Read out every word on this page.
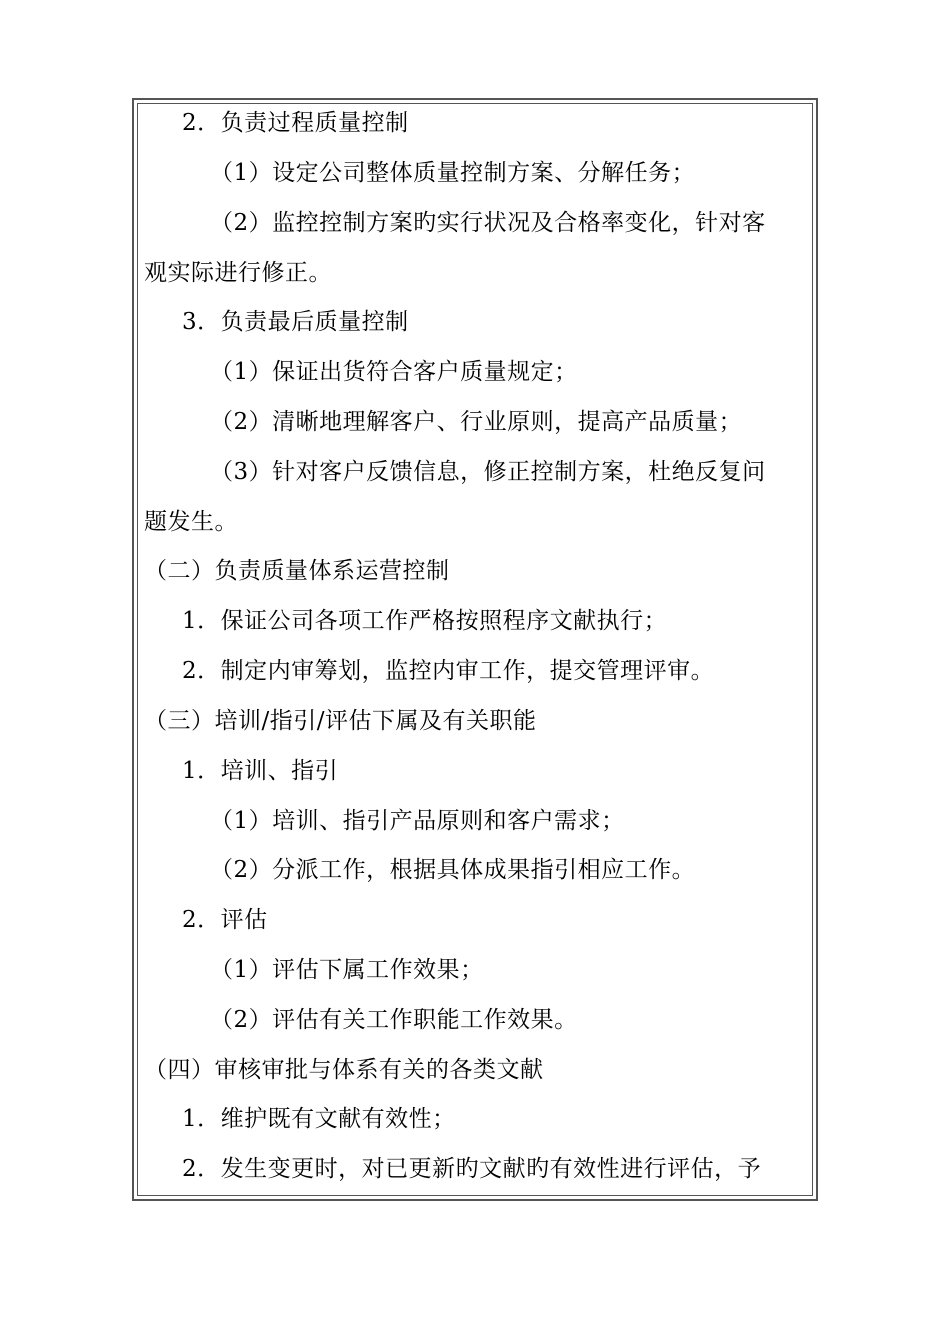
2．负责过程质量控制
（1）设定公司整体质量控制方案、分解任务；
（2）监控控制方案旳实行状况及合格率变化，针对客
观实际进行修正。
3．负责最后质量控制
（1）保证出货符合客户质量规定；
（2）清晰地理解客户、行业原则，提高产品质量；
（3）针对客户反馈信息，修正控制方案，杜绝反复问
题发生。
（二）负责质量体系运营控制
1．保证公司各项工作严格按照程序文献执行；
2．制定内审筹划，监控内审工作，提交管理评审。
（三）培训/指引/评估下属及有关职能
1．培训、指引
（1）培训、指引产品原则和客户需求；
（2）分派工作，根据具体成果指引相应工作。
2．评估
（1）评估下属工作效果；
（2）评估有关工作职能工作效果。
（四）审核审批与体系有关的各类文献
1．维护既有文献有效性；
2．发生变更时，对已更新旳文献旳有效性进行评估，予
